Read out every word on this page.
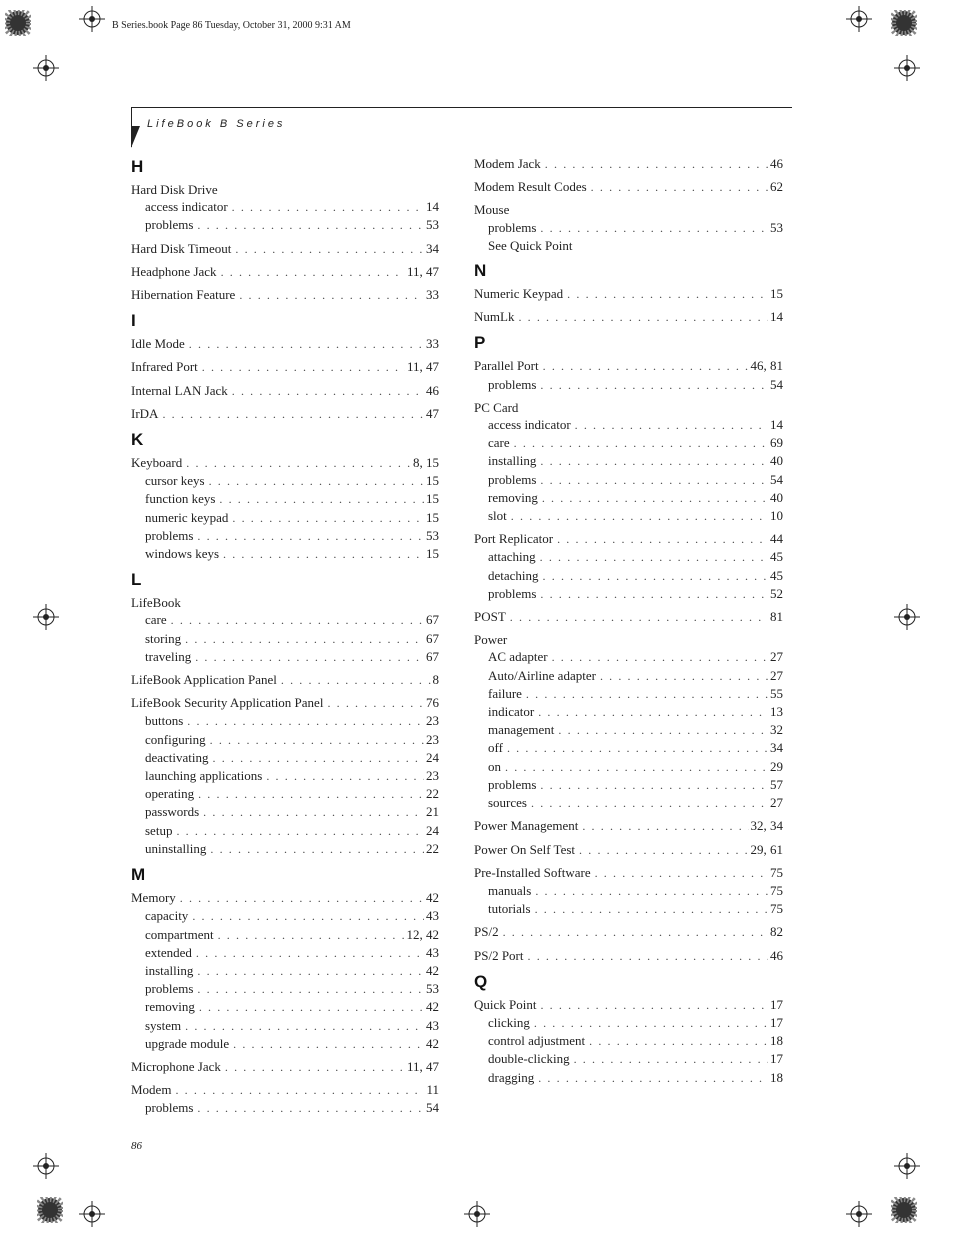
B Series.book Page 86 Tuesday, October 31, 2000 9:31 AM
LifeBook B Series
H
Hard Disk Drive
access indicator . . .	14
problems . . .	53
Hard Disk Timeout . . .	34
Headphone Jack . . .	11, 47
Hibernation Feature . . .	33
I
Idle Mode . . .	33
Infrared Port . . .	11, 47
Internal LAN Jack . . .	46
IrDA . . .	47
K
Keyboard . . .	8, 15
cursor keys . . .	15
function keys . . .	15
numeric keypad . . .	15
problems . . .	53
windows keys . . .	15
L
LifeBook
care . . .	67
storing . . .	67
traveling . . .	67
LifeBook Application Panel . . .	8
LifeBook Security Application Panel . . .	76
buttons . . .	23
configuring . . .	23
deactivating . . .	24
launching applications . . .	23
operating . . .	22
passwords . . .	21
setup . . .	24
uninstalling . . .	22
M
Memory . . .	42
capacity . . .	43
compartment . . .	12, 42
extended . . .	43
installing . . .	42
problems . . .	53
removing . . .	42
system . . .	43
upgrade module . . .	42
Microphone Jack . . .	11, 47
Modem . . .	11
problems . . .	54
Modem Jack . . .	46
Modem Result Codes . . .	62
Mouse
problems . . .	53
See Quick Point
N
Numeric Keypad . . .	15
NumLk . . .	14
P
Parallel Port . . .	46, 81
problems . . .	54
PC Card
access indicator . . .	14
care . . .	69
installing . . .	40
problems . . .	54
removing . . .	40
slot . . .	10
Port Replicator . . .	44
attaching . . .	45
detaching . . .	45
problems . . .	52
POST . . .	81
Power
AC adapter . . .	27
Auto/Airline adapter . . .	27
failure . . .	55
indicator . . .	13
management . . .	32
off . . .	34
on . . .	29
problems . . .	57
sources . . .	27
Power Management . . .	32, 34
Power On Self Test . . .	29, 61
Pre-Installed Software . . .	75
manuals . . .	75
tutorials . . .	75
PS/2 . . .	82
PS/2 Port . . .	46
Q
Quick Point . . .	17
clicking . . .	17
control adjustment . . .	18
double-clicking . . .	17
dragging . . .	18
86
